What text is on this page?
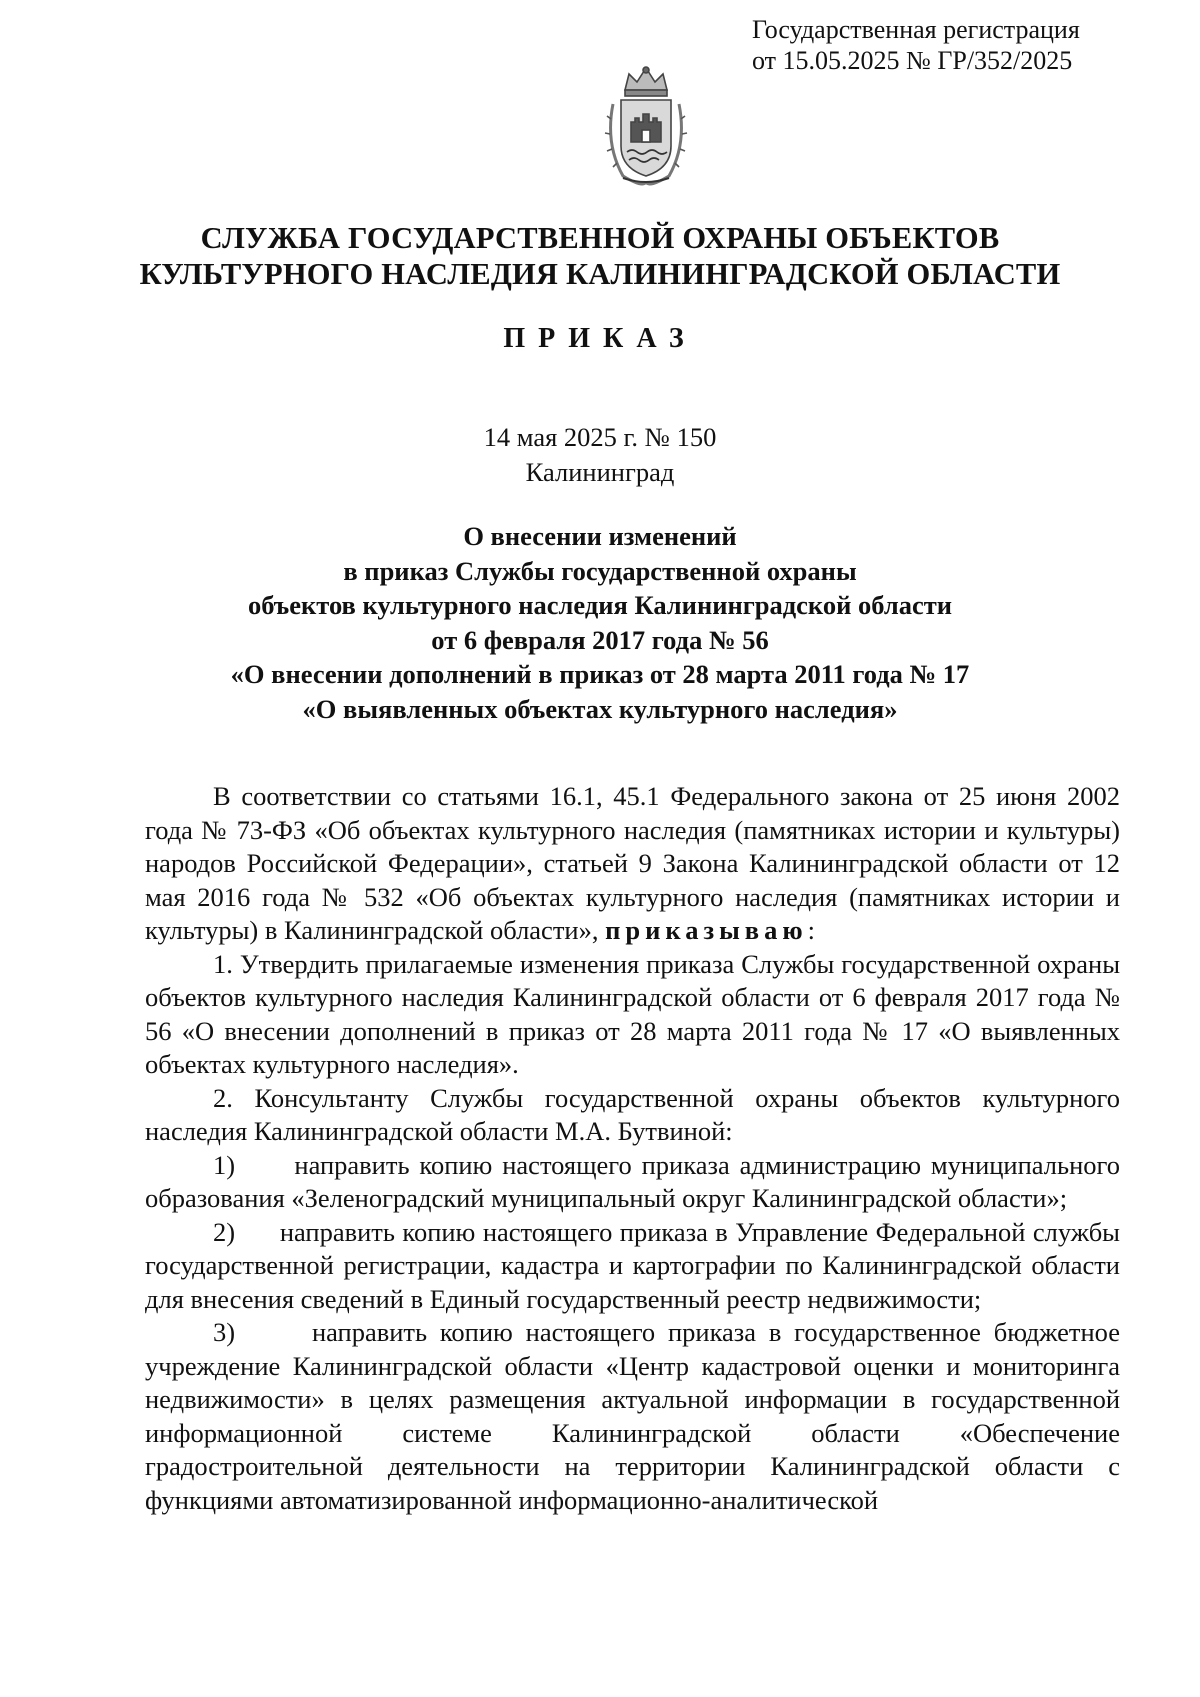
Государственная регистрация
от 15.05.2025 № ГР/352/2025
СЛУЖБА ГОСУДАРСТВЕННОЙ ОХРАНЫ ОБЪЕКТОВ
КУЛЬТУРНОГО НАСЛЕДИЯ КАЛИНИНГРАДСКОЙ ОБЛАСТИ
ПРИКАЗ
14 мая 2025 г. № 150
Калининград
О внесении изменений
в приказ Службы государственной охраны
объектов культурного наследия Калининградской области
от 6 февраля 2017 года № 56
«О внесении дополнений в приказ от 28 марта 2011 года № 17
«О выявленных объектах культурного наследия»

В соответствии со статьями 16.1, 45.1 Федерального закона от 25 июня 2002 года № 73-ФЗ «Об объектах культурного наследия (памятниках истории и культуры) народов Российской Федерации», статьей 9 Закона Калининградской области от 12 мая 2016 года № 532 «Об объектах культурного наследия (памятниках истории и культуры) в Калининградской области», приказываю:

1. Утвердить прилагаемые изменения приказа Службы государственной охраны объектов культурного наследия Калининградской области от 6 февраля 2017 года № 56 «О внесении дополнений в приказ от 28 марта 2011 года № 17 «О выявленных объектах культурного наследия».

2. Консультанту Службы государственной охраны объектов культурного наследия Калининградской области М.А. Бутвиной:

1)      направить копию настоящего приказа администрацию муниципального образования «Зеленоградский муниципальный округ Калининградской области»;

2)      направить копию настоящего приказа в Управление Федеральной службы государственной регистрации, кадастра и картографии по Калининградской области для внесения сведений в Единый государственный реестр недвижимости;

3)      направить копию настоящего приказа в государственное бюджетное учреждение Калининградской области «Центр кадастровой оценки и мониторинга недвижимости» в целях размещения актуальной информации в государственной информационной системе Калининградской области «Обеспечение градостроительной деятельности на территории Калининградской области с функциями автоматизированной информационно-аналитической
